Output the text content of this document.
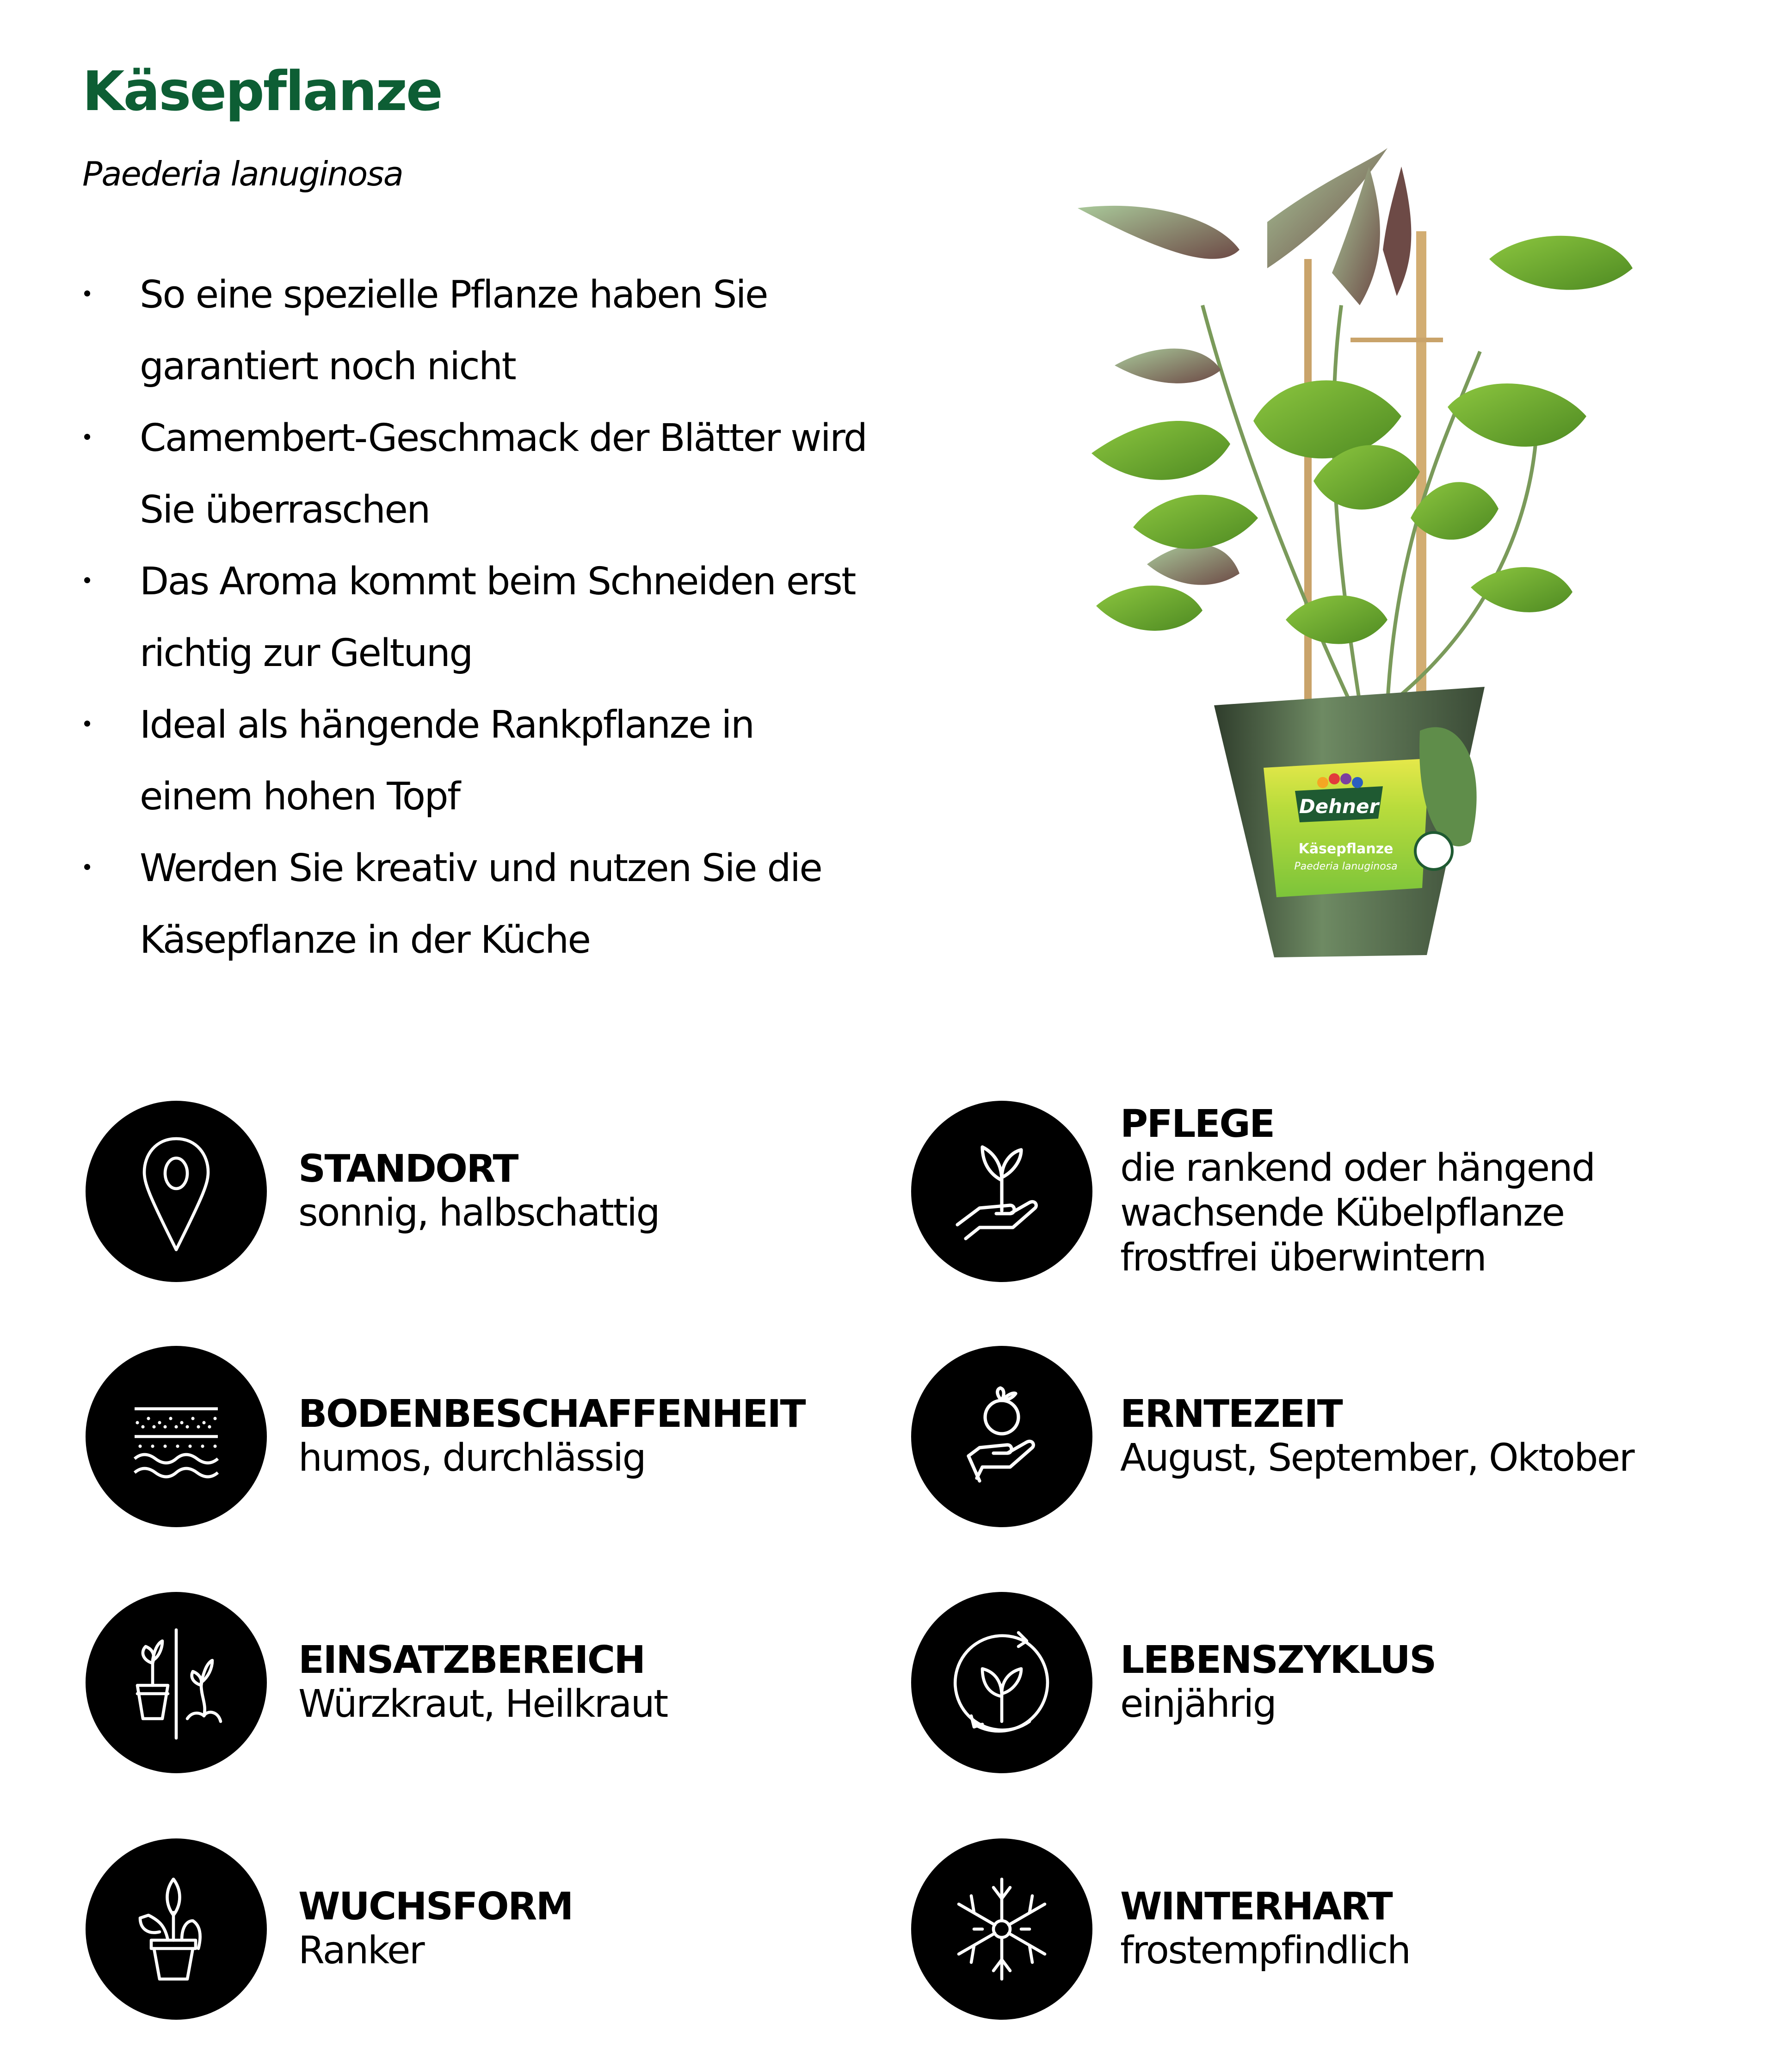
Käsepflanze
Paederia lanuginosa
So eine spezielle Pflanze haben Sie garantiert noch nicht
Camembert-Geschmack der Blätter wird Sie überraschen
Das Aroma kommt beim Schneiden erst richtig zur Geltung
Ideal als hängende Rankpflanze in einem hohen Topf
Werden Sie kreativ und nutzen Sie die Käsepflanze in der Küche
Dehner
Käsepflanze
Paederia lanuginosa
STANDORT
sonnig, halbschattig
PFLEGE
die rankend oder hängend
wachsende Kübelpflanze
frostfrei überwintern
BODENBESCHAFFENHEIT
humos, durchlässig
ERNTEZEIT
August, September, Oktober
EINSATZBEREICH
Würzkraut, Heilkraut
LEBENSZYKLUS
einjährig
WUCHSFORM
Ranker
WINTERHART
frostempfindlich
